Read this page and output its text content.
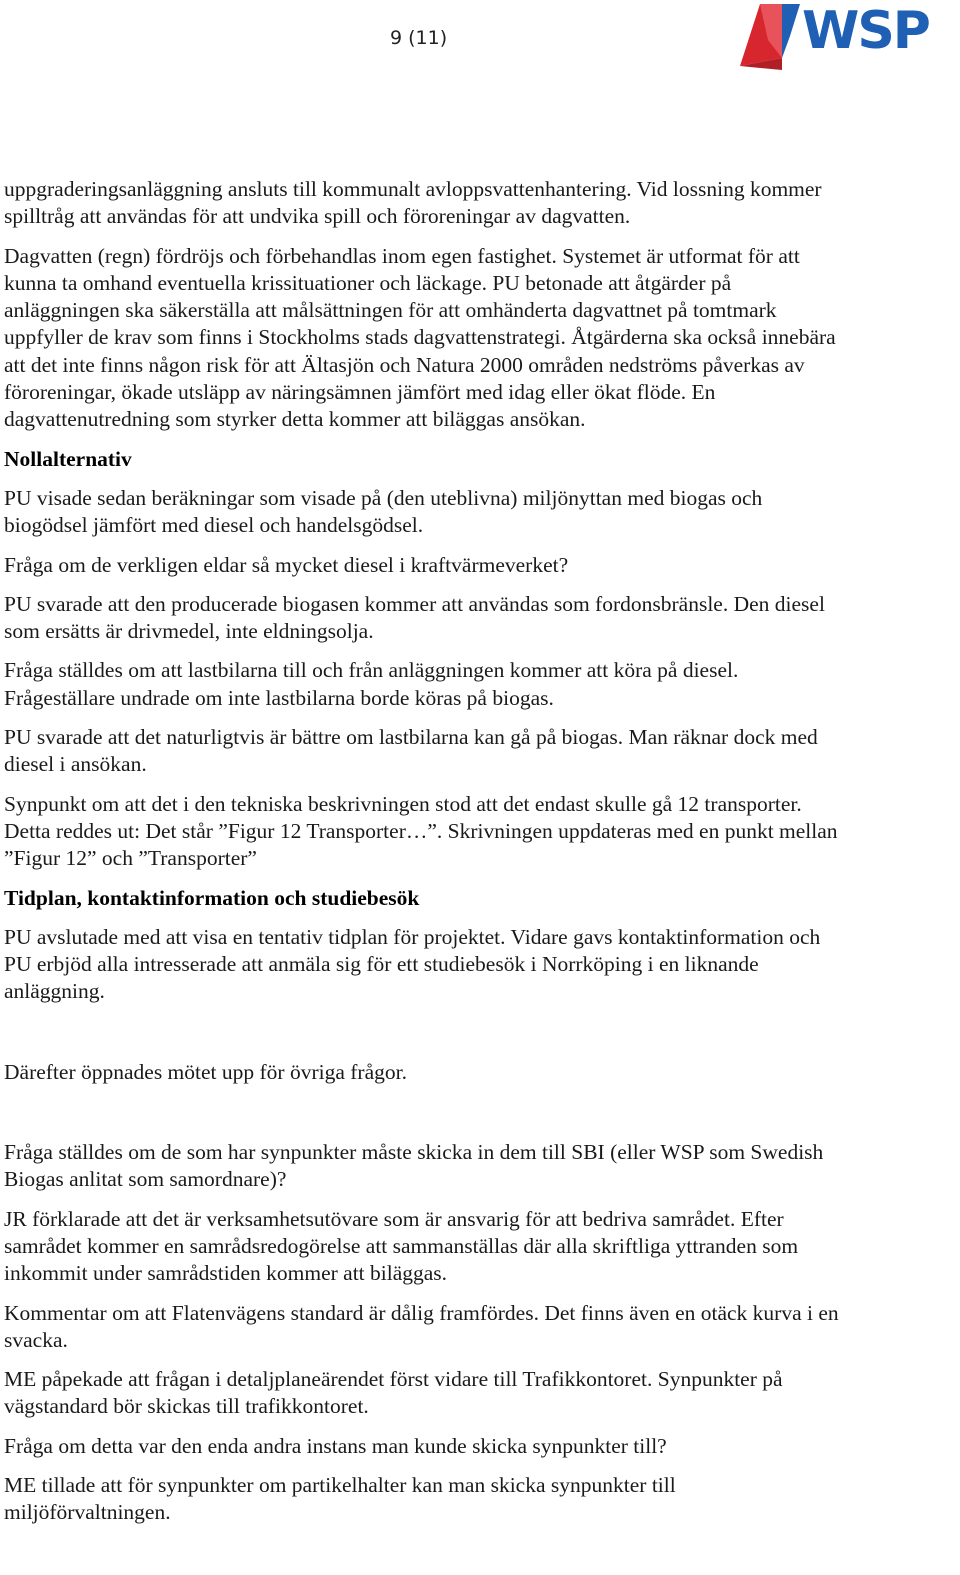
9 (11)	WSP

uppgraderingsanläggning ansluts till kommunalt avloppsvattenhantering. Vid lossning kommer spilltråg att användas för att undvika spill och föroreningar av dagvatten.

Dagvatten (regn) fördröjs och förbehandlas inom egen fastighet. Systemet är utformat för att kunna ta omhand eventuella krissituationer och läckage. PU betonade att åtgärder på anläggningen ska säkerställa att målsättningen för att omhänderta dagvattnet på tomtmark uppfyller de krav som finns i Stockholms stads dagvattenstrategi. Åtgärderna ska också innebära att det inte finns någon risk för att Ältasjön och Natura 2000 områden nedströms påverkas av föroreningar, ökade utsläpp av näringsämnen jämfört med idag eller ökat flöde. En dagvattenutredning som styrker detta kommer att biläggas ansökan.

Nollalternativ

PU visade sedan beräkningar som visade på (den uteblivna) miljönyttan med biogas och biogödsel jämfört med diesel och handelsgödsel.

Fråga om de verkligen eldar så mycket diesel i kraftvärmeverket?

PU svarade att den producerade biogasen kommer att användas som fordonsbränsle. Den diesel som ersätts är drivmedel, inte eldningsolja.

Fråga ställdes om att lastbilarna till och från anläggningen kommer att köra på diesel. Frågeställare undrade om inte lastbilarna borde köras på biogas.

PU svarade att det naturligtvis är bättre om lastbilarna kan gå på biogas. Man räknar dock med diesel i ansökan.

Synpunkt om att det i den tekniska beskrivningen stod att det endast skulle gå 12 transporter. Detta reddes ut: Det står ”Figur 12 Transporter…”. Skrivningen uppdateras med en punkt mellan ”Figur 12” och ”Transporter”

Tidplan, kontaktinformation och studiebesök

PU avslutade med att visa en tentativ tidplan för projektet. Vidare gavs kontaktinformation och PU erbjöd alla intresserade att anmäla sig för ett studiebesök i Norrköping i en liknande anläggning.

Därefter öppnades mötet upp för övriga frågor.

Fråga ställdes om de som har synpunkter måste skicka in dem till SBI (eller WSP som Swedish Biogas anlitat som samordnare)?

JR förklarade att det är verksamhetsutövare som är ansvarig för att bedriva samrådet. Efter samrådet kommer en samrådsredogörelse att sammanställas där alla skriftliga yttranden som inkommit under samrådstiden kommer att biläggas.

Kommentar om att Flatenvägens standard är dålig framfördes. Det finns även en otäck kurva i en svacka.

ME påpekade att frågan i detaljplaneärendet först vidare till Trafikkontoret. Synpunkter på vägstandard bör skickas till trafikkontoret.

Fråga om detta var den enda andra instans man kunde skicka synpunkter till?

ME tillade att för synpunkter om partikelhalter kan man skicka synpunkter till miljöförvaltningen.
